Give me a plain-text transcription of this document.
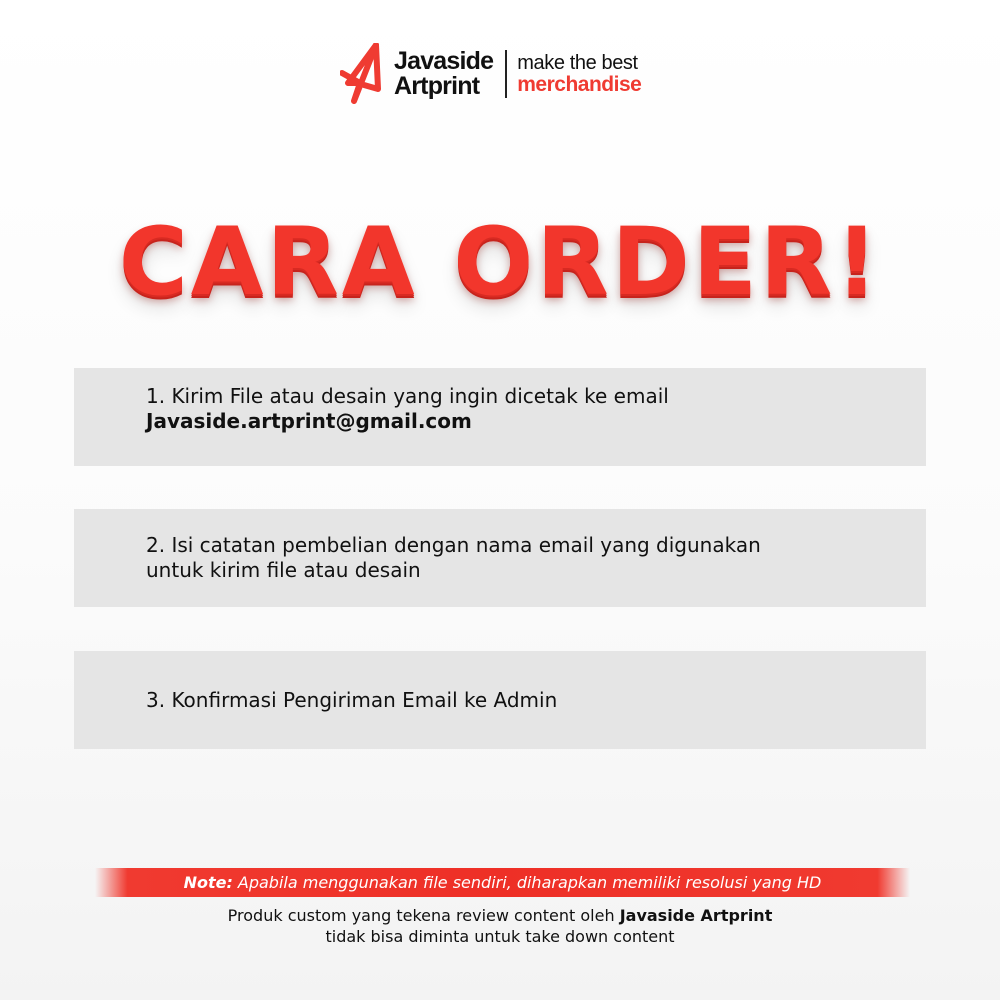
Javaside
Artprint
make the best
merchandise
CARA ORDER!
1. Kirim File atau desain yang ingin dicetak ke email
Javaside.artprint@gmail.com
2. Isi catatan pembelian dengan nama email yang digunakan
untuk kirim file atau desain
3. Konfirmasi Pengiriman Email ke Admin
Note: Apabila menggunakan file sendiri, diharapkan memiliki resolusi yang HD
Produk custom yang tekena review content oleh Javaside Artprint
tidak bisa diminta untuk take down content
